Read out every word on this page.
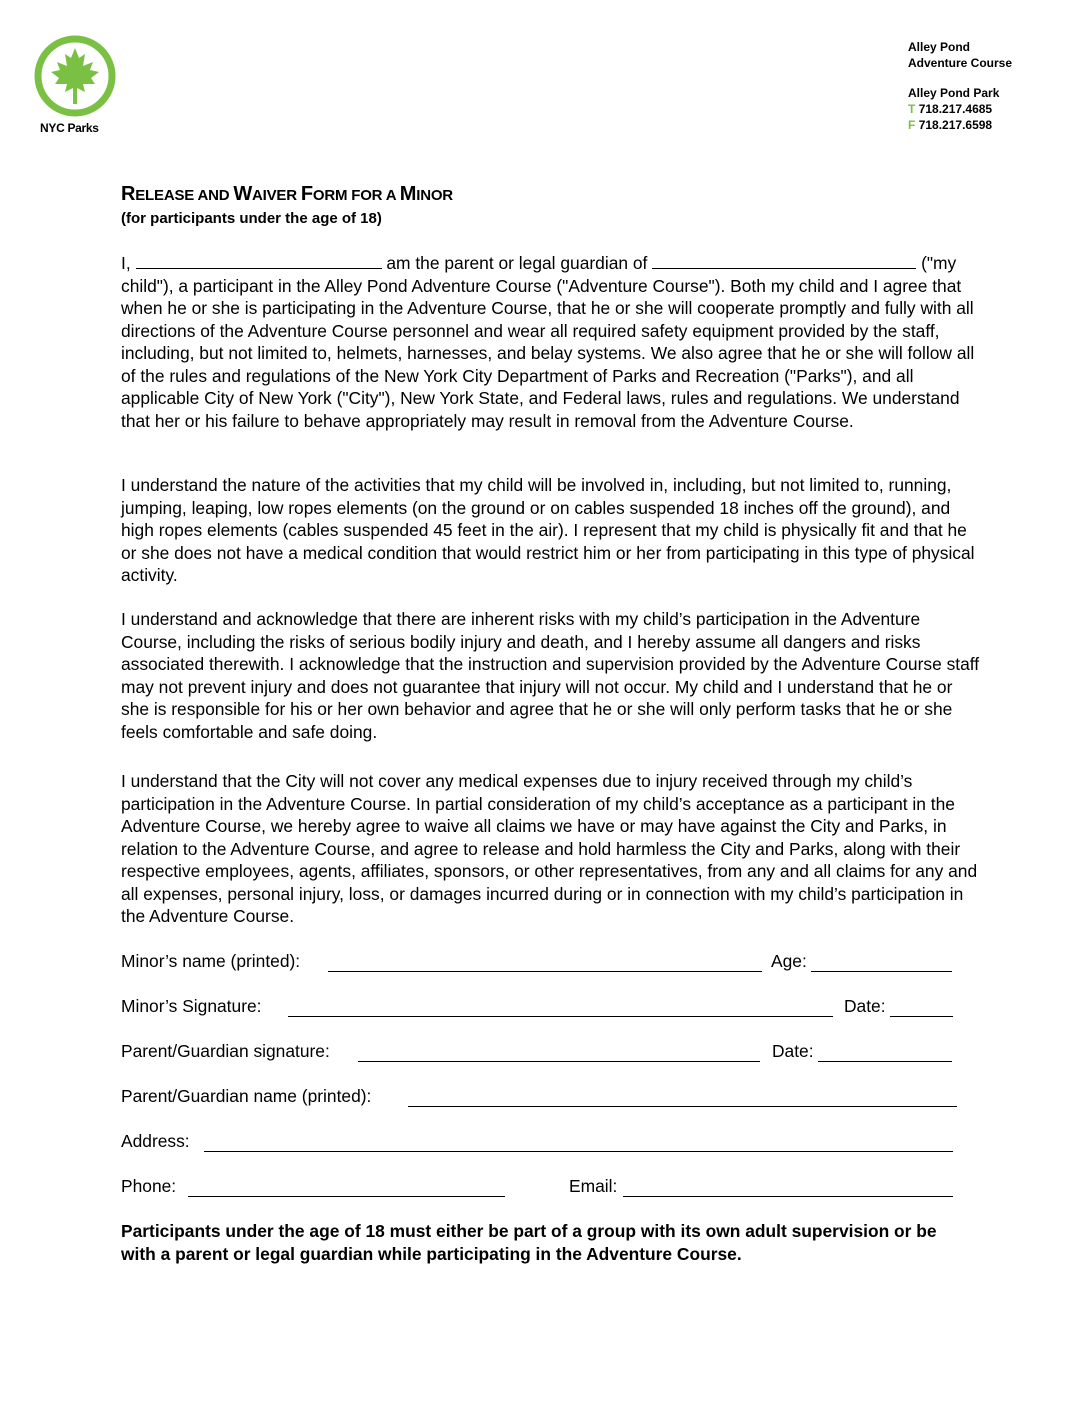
NYC Parks
Alley Pond
Adventure Course
Alley Pond Park
T 718.217.4685
F 718.217.6598
RELEASE AND WAIVER FORM FOR A MINOR
(for participants under the age of 18)
I,	am the parent or legal guardian of	("my child"), a participant in the Alley Pond Adventure Course ("Adventure Course"). Both my child and I agree that when he or she is participating in the Adventure Course, that he or she will cooperate promptly and fully with all directions of the Adventure Course personnel and wear all required safety equipment provided by the staff, including, but not limited to, helmets, harnesses, and belay systems. We also agree that he or she will follow all of the rules and regulations of the New York City Department of Parks and Recreation ("Parks"), and all applicable City of New York ("City"), New York State, and Federal laws, rules and regulations. We understand that her or his failure to behave appropriately may result in removal from the Adventure Course.

I understand the nature of the activities that my child will be involved in, including, but not limited to, running, jumping, leaping, low ropes elements (on the ground or on cables suspended 18 inches off the ground), and high ropes elements (cables suspended 45 feet in the air). I represent that my child is physically fit and that he or she does not have a medical condition that would restrict him or her from participating in this type of physical activity.

I understand and acknowledge that there are inherent risks with my child’s participation in the Adventure Course, including the risks of serious bodily injury and death, and I hereby assume all dangers and risks associated therewith. I acknowledge that the instruction and supervision provided by the Adventure Course staff may not prevent injury and does not guarantee that injury will not occur. My child and I understand that he or she is responsible for his or her own behavior and agree that he or she will only perform tasks that he or she feels comfortable and safe doing.

I understand that the City will not cover any medical expenses due to injury received through my child’s participation in the Adventure Course. In partial consideration of my child’s acceptance as a participant in the Adventure Course, we hereby agree to waive all claims we have or may have against the City and Parks, in relation to the Adventure Course, and agree to release and hold harmless the City and Parks, along with their respective employees, agents, affiliates, sponsors, or other representatives, from any and all claims for any and all expenses, personal injury, loss, or damages incurred during or in connection with my child’s participation in the Adventure Course.

Minor’s name (printed):	Age:
Minor’s Signature:	Date:
Parent/Guardian signature:	Date:
Parent/Guardian name (printed):
Address:
Phone:	Email:
Participants under the age of 18 must either be part of a group with its own adult supervision or be with a parent or legal guardian while participating in the Adventure Course.
